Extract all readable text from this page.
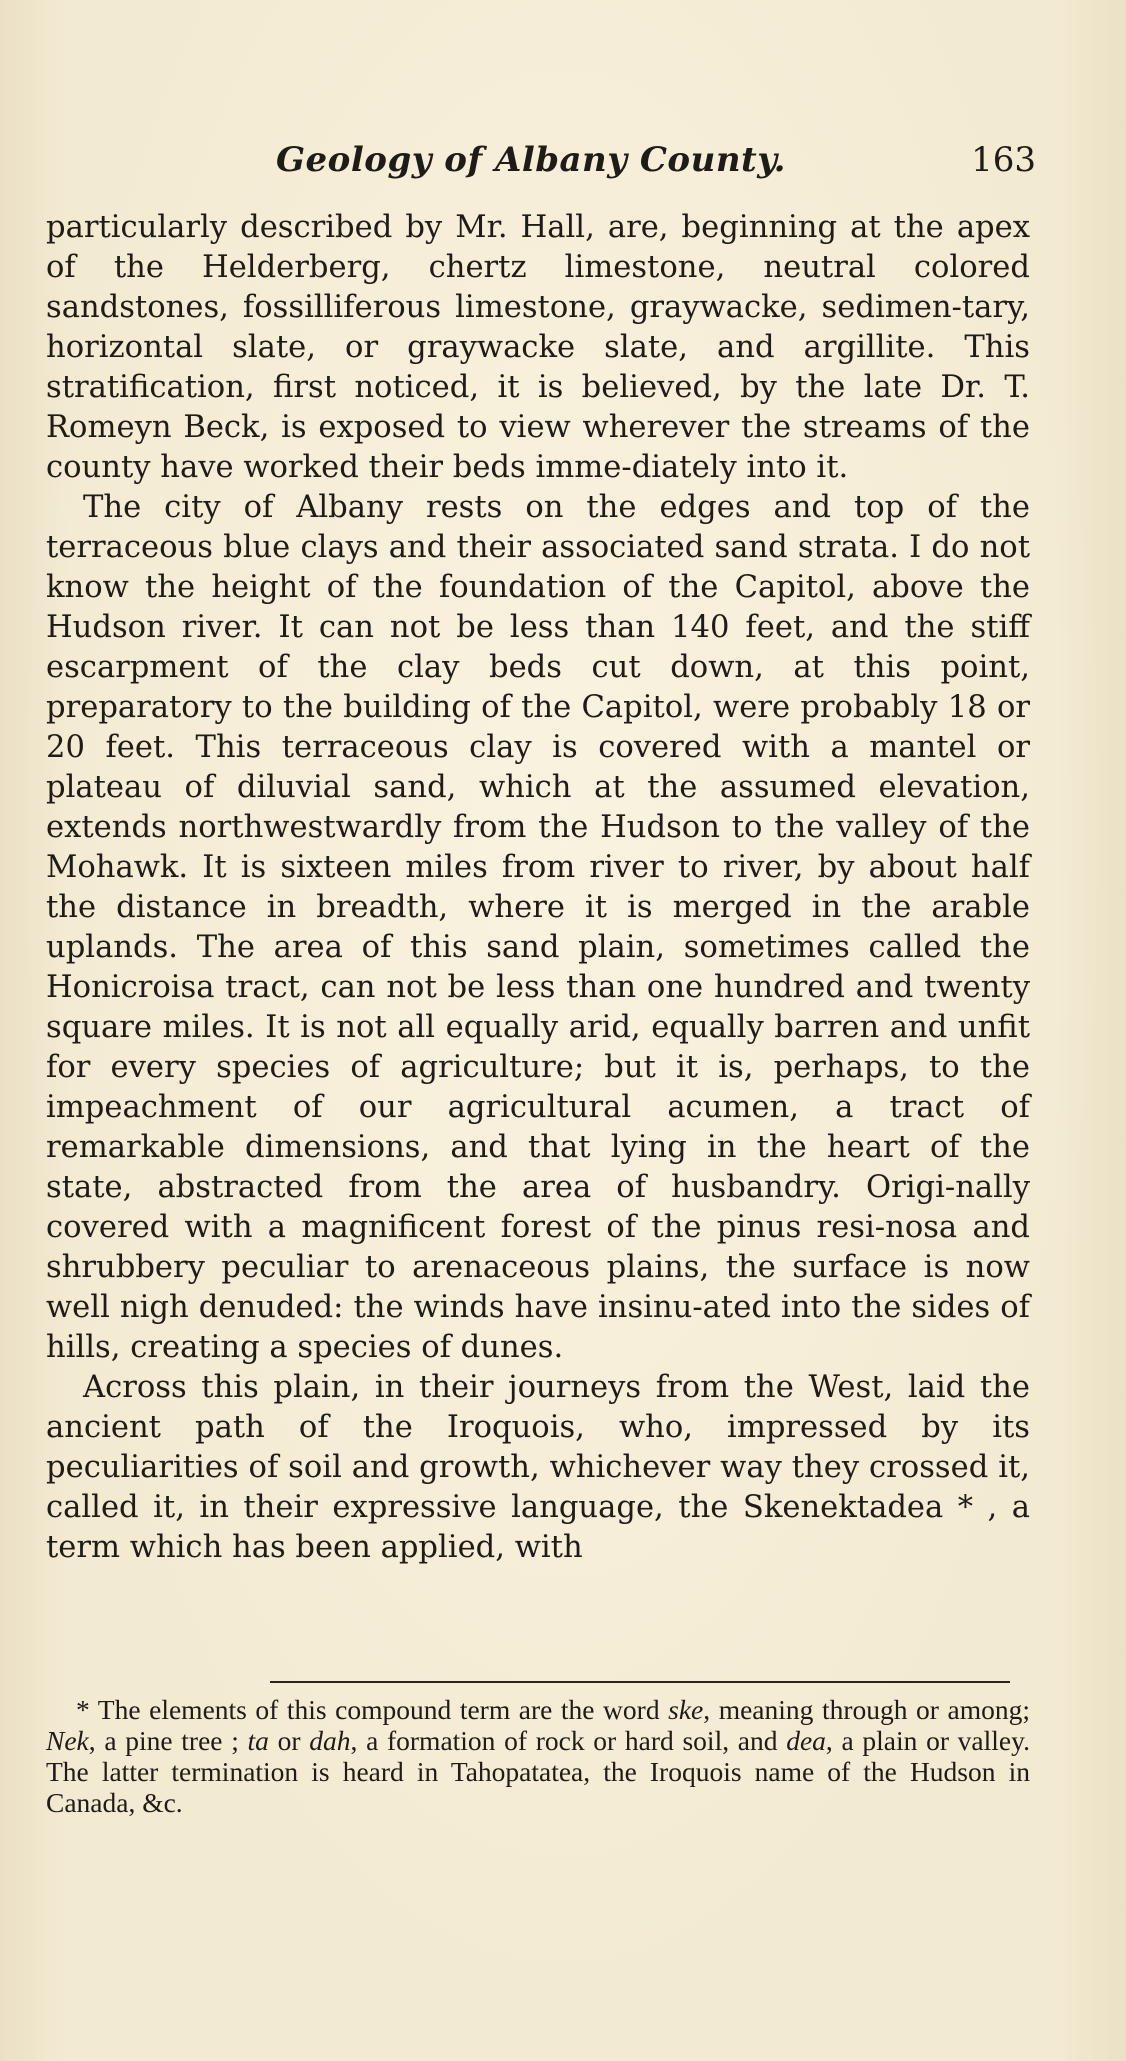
Geology of Albany County.	163

particularly described by Mr. Hall, are, beginning at the apex of the Helderberg, chertz limestone, neutral colored sandstones, fossilliferous limestone, graywacke, sedimen-tary, horizontal slate, or graywacke slate, and argillite. This stratification, first noticed, it is believed, by the late Dr. T. Romeyn Beck, is exposed to view wherever the streams of the county have worked their beds imme-diately into it.

The city of Albany rests on the edges and top of the terraceous blue clays and their associated sand strata. I do not know the height of the foundation of the Capitol, above the Hudson river. It can not be less than 140 feet, and the stiff escarpment of the clay beds cut down, at this point, preparatory to the building of the Capitol, were probably 18 or 20 feet. This terraceous clay is covered with a mantel or plateau of diluvial sand, which at the assumed elevation, extends northwestwardly from the Hudson to the valley of the Mohawk. It is sixteen miles from river to river, by about half the distance in breadth, where it is merged in the arable uplands. The area of this sand plain, sometimes called the Honicroisa tract, can not be less than one hundred and twenty square miles. It is not all equally arid, equally barren and unfit for every species of agriculture; but it is, perhaps, to the impeachment of our agricultural acumen, a tract of remarkable dimensions, and that lying in the heart of the state, abstracted from the area of husbandry. Origi-nally covered with a magnificent forest of the pinus resi-nosa and shrubbery peculiar to arenaceous plains, the surface is now well nigh denuded: the winds have insinu-ated into the sides of hills, creating a species of dunes.

Across this plain, in their journeys from the West, laid the ancient path of the Iroquois, who, impressed by its peculiarities of soil and growth, whichever way they crossed it, called it, in their expressive language, the Skenektadea * , a term which has been applied, with

* The elements of this compound term are the word ske, meaning through or among; Nek, a pine tree ; ta or dah, a formation of rock or hard soil, and dea, a plain or valley. The latter termination is heard in Tahopatatea, the Iroquois name of the Hudson in Canada, &c.
